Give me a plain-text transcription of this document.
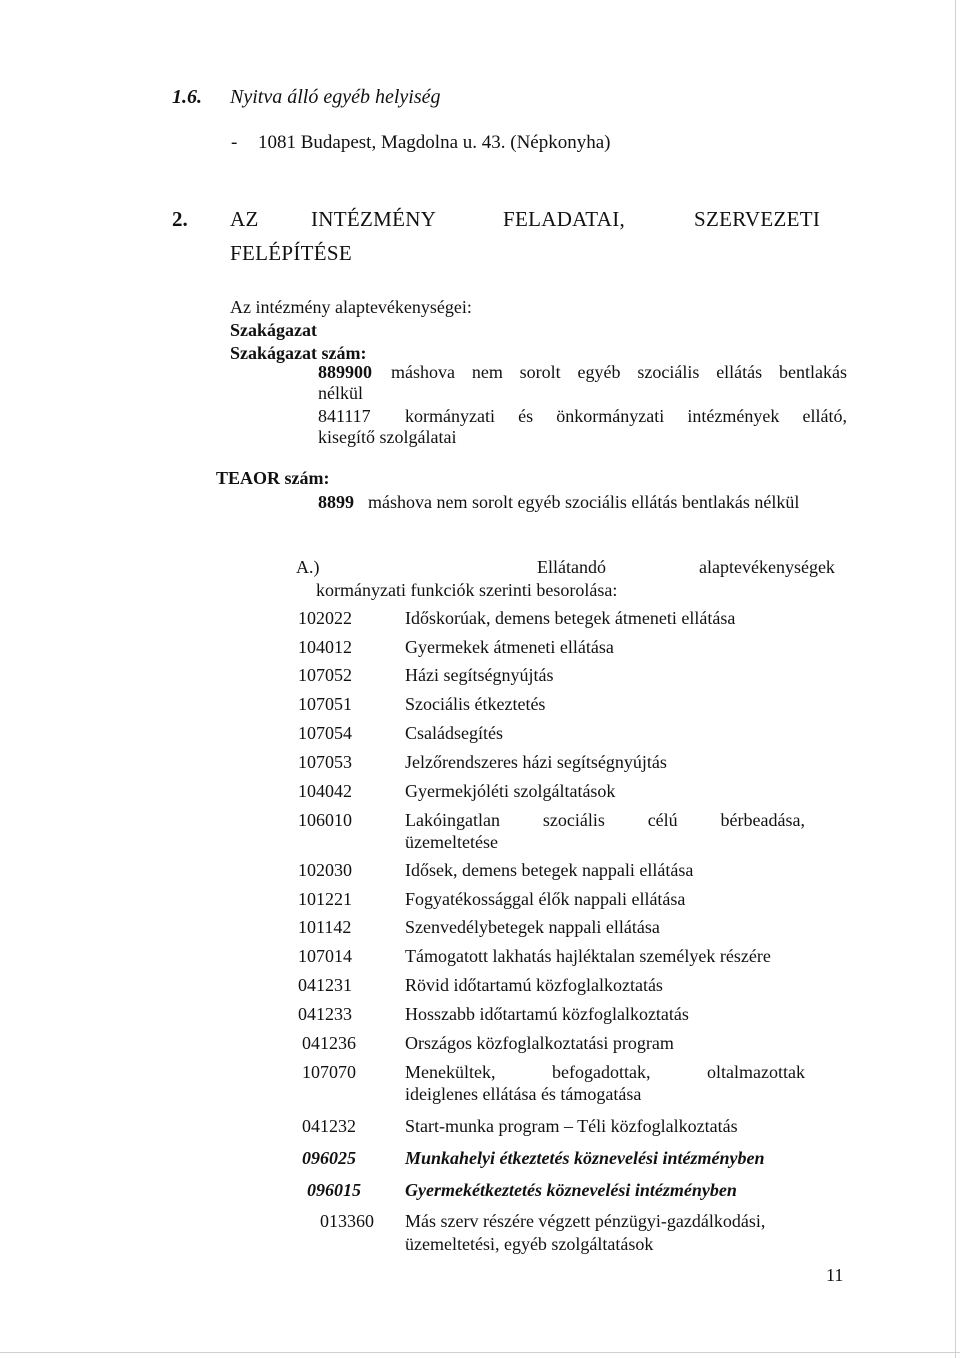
1.6. Nyitva álló egyéb helyiség
- 1081 Budapest, Magdolna u. 43. (Népkonyha)
2. AZ INTÉZMÉNY	FELADATAI,	SZERVEZETI
FELÉPÍTÉSE
Az intézmény alaptevékenységei:
Szakágazat
Szakágazat szám:
889900 máshova nem sorolt egyéb szociális ellátás bentlakás
nélkül
841117 kormányzati és önkormányzati intézmények ellátó,
kisegítő szolgálatai
TEAOR szám:
8899 máshova nem sorolt egyéb szociális ellátás bentlakás nélkül
A.)	Ellátandó	alaptevékenységek
kormányzati funkciók szerinti besorolása:
102022	Időskorúak, demens betegek átmeneti ellátása
104012	Gyermekek átmeneti ellátása
107052	Házi segítségnyújtás
107051	Szociális étkeztetés
107054	Családsegítés
107053	Jelzőrendszeres házi segítségnyújtás
104042	Gyermekjóléti szolgáltatások
106010	Lakóingatlan szociális célú bérbeadása,
üzemeltetése
102030	Idősek, demens betegek nappali ellátása
101221	Fogyatékossággal élők nappali ellátása
101142	Szenvedélybetegek nappali ellátása
107014	Támogatott lakhatás hajléktalan személyek részére
041231	Rövid időtartamú közfoglalkoztatás
041233	Hosszabb időtartamú közfoglalkoztatás
041236	Országos közfoglalkoztatási program
107070	Menekültek, befogadottak, oltalmazottak
ideiglenes ellátása és támogatása
041232	Start-munka program – Téli közfoglalkoztatás
096025	Munkahelyi étkeztetés köznevelési intézményben
096015	Gyermekétkeztetés köznevelési intézményben
013360	Más szerv részére végzett pénzügyi-gazdálkodási,
üzemeltetési, egyéb szolgáltatások
11
